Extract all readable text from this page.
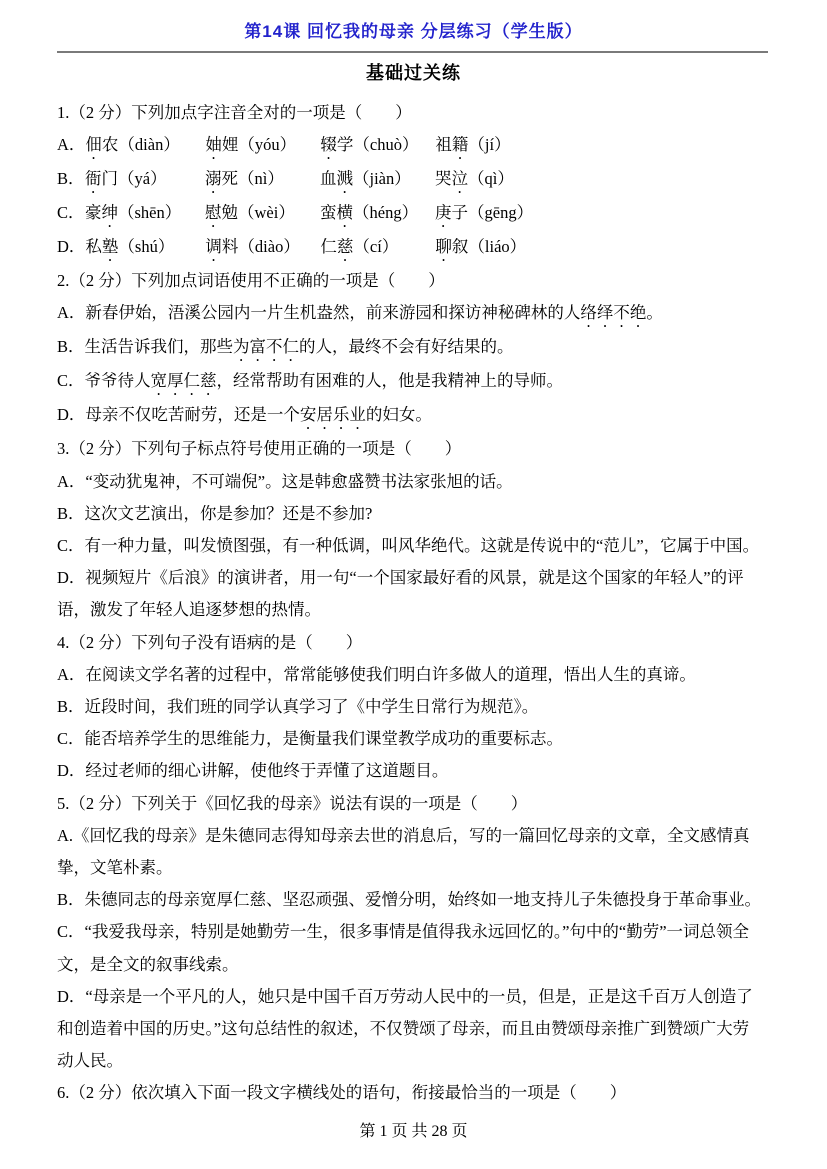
第14课 回忆我的母亲 分层练习（学生版）
基础过关练

1.（2 分）下列加点字注音全对的一项是（　　）

A． 佃农（diàn）	妯娌（yóu）	辍学（chuò）	祖籍（jí）
B． 衙门（yá）	溺死（nì）	血溅（jiàn）	哭泣（qì）
C． 豪绅（shēn）	慰勉（wèi）	蛮横（héng）	庚子（gēng）
D． 私塾（shú）	调料（diào）	仁慈（cí）	聊叙（liáo）

2.（2 分）下列加点词语使用不正确的一项是（　　）

A．新春伊始，浯溪公园内一片生机盎然，前来游园和探访神秘碑林的人络绎不绝。

B．生活告诉我们，那些为富不仁的人，最终不会有好结果的。

C．爷爷待人宽厚仁慈，经常帮助有困难的人，他是我精神上的导师。

D．母亲不仅吃苦耐劳，还是一个安居乐业的妇女。

3.（2 分）下列句子标点符号使用正确的一项是（　　）

A．“变动犹鬼神，不可端倪”。这是韩愈盛赞书法家张旭的话。

B．这次文艺演出，你是参加？还是不参加?

C．有一种力量，叫发愤图强，有一种低调，叫风华绝代。这就是传说中的“范儿”，它属于中国。

D．视频短片《后浪》的演讲者，用一句“一个国家最好看的风景，就是这个国家的年轻人”的评语，激发了年轻人追逐梦想的热情。

4.（2 分）下列句子没有语病的是（　　）

A．在阅读文学名著的过程中，常常能够使我们明白许多做人的道理，悟出人生的真谛。

B．近段时间，我们班的同学认真学习了《中学生日常行为规范》。

C．能否培养学生的思维能力，是衡量我们课堂教学成功的重要标志。

D．经过老师的细心讲解，使他终于弄懂了这道题目。

5.（2 分）下列关于《回忆我的母亲》说法有误的一项是（　　）

A.《回忆我的母亲》是朱德同志得知母亲去世的消息后，写的一篇回忆母亲的文章，全文感情真挚，文笔朴素。

B．朱德同志的母亲宽厚仁慈、坚忍顽强、爱憎分明，始终如一地支持儿子朱德投身于革命事业。

C．“我爱我母亲，特别是她勤劳一生，很多事情是值得我永远回忆的。”句中的“勤劳”一词总领全文，是全文的叙事线索。

D．“母亲是一个平凡的人，她只是中国千百万劳动人民中的一员，但是，正是这千百万人创造了和创造着中国的历史。”这句总结性的叙述，不仅赞颂了母亲，而且由赞颂母亲推广到赞颂广大劳动人民。

6.（2 分）依次填入下面一段文字横线处的语句，衔接最恰当的一项是（　　）

第 1 页 共 28 页
